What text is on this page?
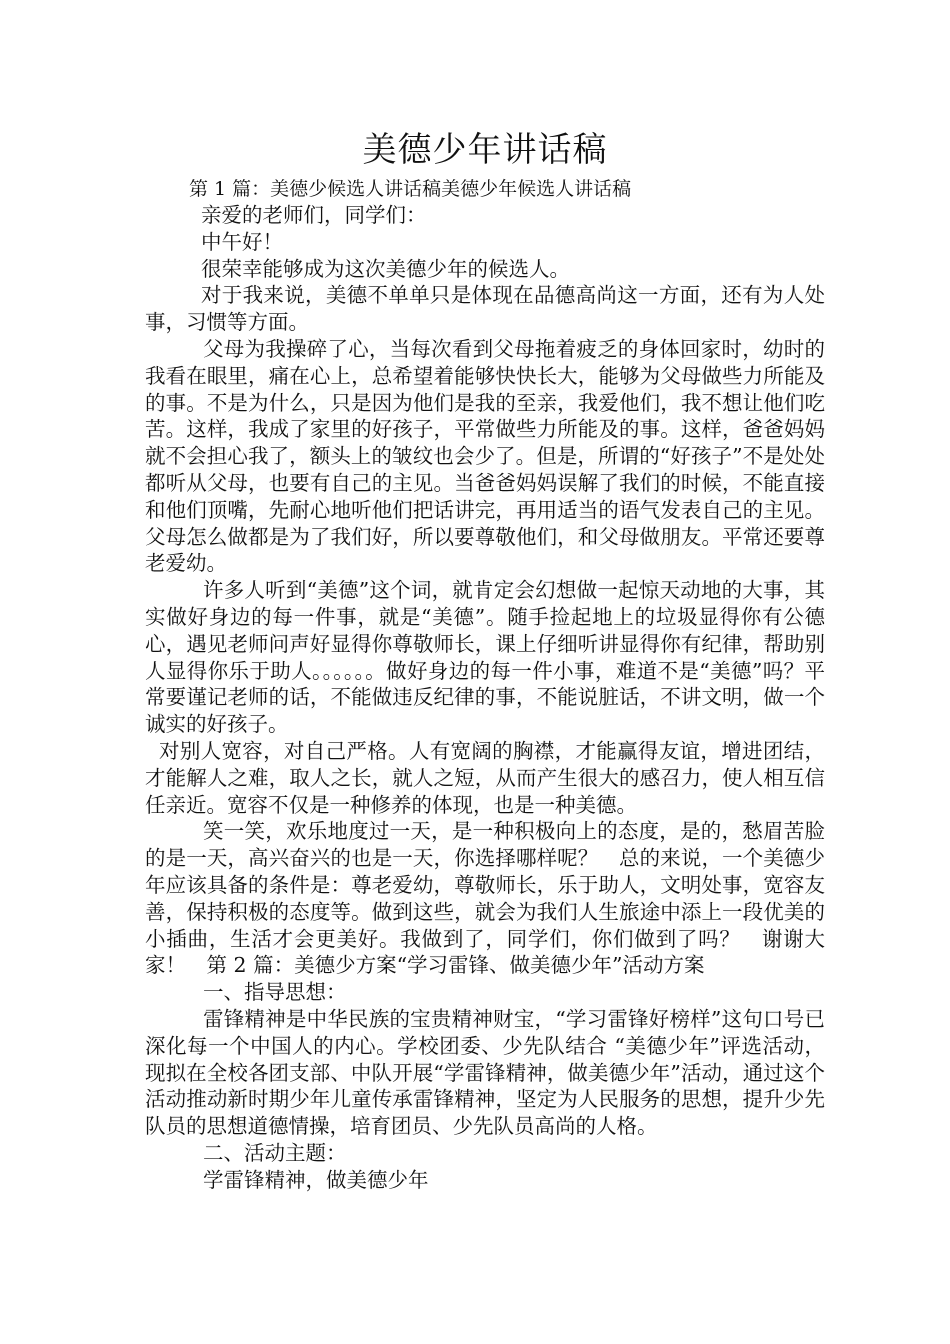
美德少年讲话稿

第 1 篇：美德少候选人讲话稿美德少年候选人讲话稿

亲爱的老师们，同学们：

中午好！

很荣幸能够成为这次美德少年的候选人。

对于我来说，美德不单单只是体现在品德高尚这一方面，还有为人处事，习惯等方面。

父母为我操碎了心，当每次看到父母拖着疲乏的身体回家时，幼时的我看在眼里，痛在心上，总希望着能够快快长大，能够为父母做些力所能及的事。不是为什么，只是因为他们是我的至亲，我爱他们，我不想让他们吃苦。这样，我成了家里的好孩子，平常做些力所能及的事。这样，爸爸妈妈就不会担心我了，额头上的皱纹也会少了。但是，所谓的“好孩子”不是处处都听从父母，也要有自己的主见。当爸爸妈妈误解了我们的时候，不能直接和他们顶嘴，先耐心地听他们把话讲完，再用适当的语气发表自己的主见。父母怎么做都是为了我们好，所以要尊敬他们，和父母做朋友。平常还要尊老爱幼。

许多人听到“美德”这个词，就肯定会幻想做一起惊天动地的大事，其实做好身边的每一件事，就是“美德”。随手捡起地上的垃圾显得你有公德心，遇见老师问声好显得你尊敬师长，课上仔细听讲显得你有纪律，帮助别人显得你乐于助人。。。。。。做好身边的每一件小事，难道不是“美德”吗？平常要谨记老师的话，不能做违反纪律的事，不能说脏话，不讲文明，做一个诚实的好孩子。

对别人宽容，对自己严格。人有宽阔的胸襟，才能赢得友谊，增进团结，才能解人之难，取人之长，就人之短，从而产生很大的感召力，使人相互信任亲近。宽容不仅是一种修养的体现，也是一种美德。

笑一笑，欢乐地度过一天，是一种积极向上的态度，是的，愁眉苦脸的是一天，高兴奋兴的也是一天，你选择哪样呢？　总的来说，一个美德少年应该具备的条件是：尊老爱幼，尊敬师长，乐于助人，文明处事，宽容友善，保持积极的态度等。做到这些，就会为我们人生旅途中添上一段优美的小插曲，生活才会更美好。我做到了，同学们，你们做到了吗？　谢谢大家！　第 2 篇：美德少方案“学习雷锋、做美德少年”活动方案

一、指导思想：

雷锋精神是中华民族的宝贵精神财宝，“学习雷锋好榜样”这句口号已深化每一个中国人的内心。学校团委、少先队结合 “美德少年”评选活动，现拟在全校各团支部、中队开展“学雷锋精神，做美德少年”活动，通过这个活动推动新时期少年儿童传承雷锋精神，坚定为人民服务的思想，提升少先队员的思想道德情操，培育团员、少先队员高尚的人格。

二、活动主题：

学雷锋精神，做美德少年
